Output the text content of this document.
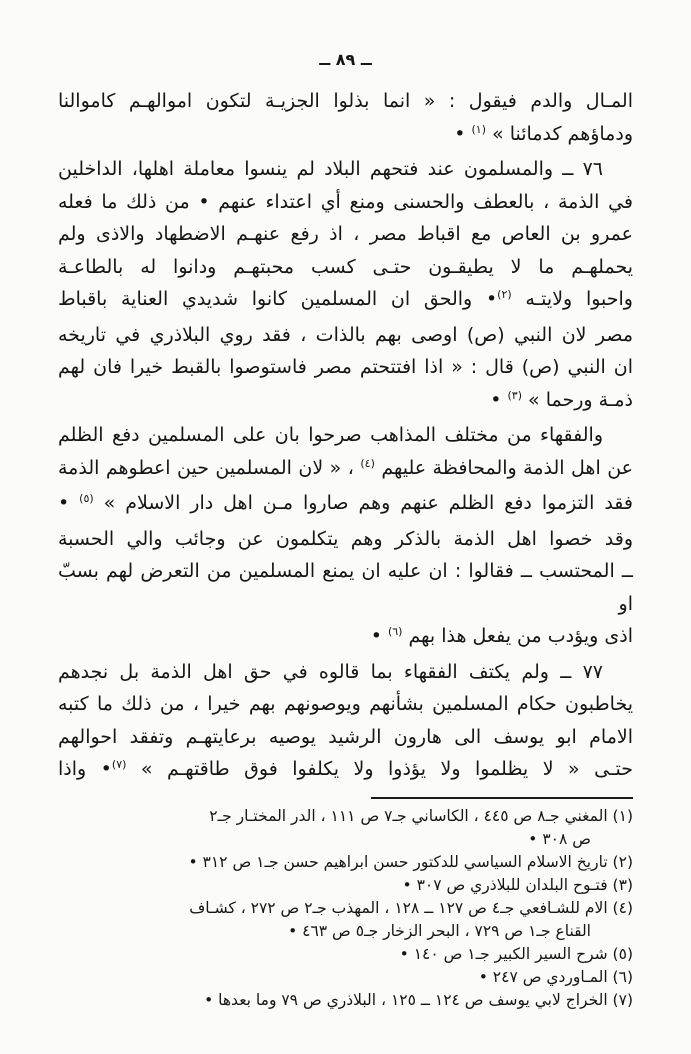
ــ ٨٩ ــ
المـال والدم فيقول : « انما بذلوا الجزيـة لتكون اموالهـم كاموالنا
ودماؤهم كدمائنا » $^{(١)}$ •
٧٦ ــ والمسلمون عند فتحهم البلاد لم ينسوا معاملة اهلها، الداخلين
في الذمة ، بالعطف والحسنى ومنع أي اعتداء عنهم • من ذلك ما فعله
عمرو بن العاص مع اقباط مصر ، اذ رفع عنهـم الاضطهاد والاذى ولم
يحملهـم ما لا يطيقـون حتـى كسب محبتهـم ودانوا له بالطاعـة
واحبوا ولايتـه $^{(٢)}$• والحق ان المسلمين كانوا شديدي العناية باقباط
مصر لان النبي (ص) اوصى بهم بالذات ، فقد روي البلاذري في تاريخه
ان النبي (ص) قال : « اذا افتتحتم مصر فاستوصوا بالقبط خيرا فان لهم
ذمـة ورحما » $^{(٣)}$ •
والفقهاء من مختلف المذاهب صرحوا بان على المسلمين دفع الظلم
عن اهل الذمة والمحافظة عليهم $^{(٤)}$ ، « لان المسلمين حين اعطوهم الذمة
فقد التزموا دفع الظلم عنهم وهم صاروا مـن اهل دار الاسلام » $^{(٥)}$ •
وقد خصوا اهل الذمة بالذكر وهم يتكلمون عن وجائب والي الحسبة
ــ المحتسب ــ فقالوا : ان عليه ان يمنع المسلمين من التعرض لهم بسبّ او
اذى ويؤدب من يفعل هذا بهم $^{(٦)}$ •
٧٧ ــ ولم يكتف الفقهاء بما قالوه في حق اهل الذمة بل نجدهم
يخاطبون حكام المسلمين بشأنهم ويوصونهم بهم خيرا ، من ذلك ما كتبه
الامام ابو يوسف الى هارون الرشيد يوصيه برعايتهـم وتفقد احوالهم
حتـى « لا يظلموا ولا يؤذوا ولا يكلفوا فوق طاقتهـم » $^{(٧)}$• واذا
(١) المغني جـ٨ ص ٤٤٥ ، الكاساني جـ٧ ص ١١١ ، الدر المختـار جـ٢
ص ٣٠٨ •
(٢) تاريخ الاسلام السياسي للدكتور حسن ابراهيم حسن جـ١ ص ٣١٢ •
(٣) فتـوح البلدان للبلاذري ص ٣٠٧ •
(٤) الام للشـافعي جـ٤ ص ١٢٧ ــ ١٢٨ ، المهذب جـ٢ ص ٢٧٢ ، كشـاف
القناع جـ١ ص ٧٢٩ ، البحر الزخار جـ٥ ص ٤٦٣ •
(٥) شرح السير الكبير جـ١ ص ١٤٠ •
(٦) المـاوردي ص ٢٤٧ •
(٧) الخراج لابي يوسف ص ١٢٤ ــ ١٢٥ ، البلاذري ص ٧٩ وما بعدها •
